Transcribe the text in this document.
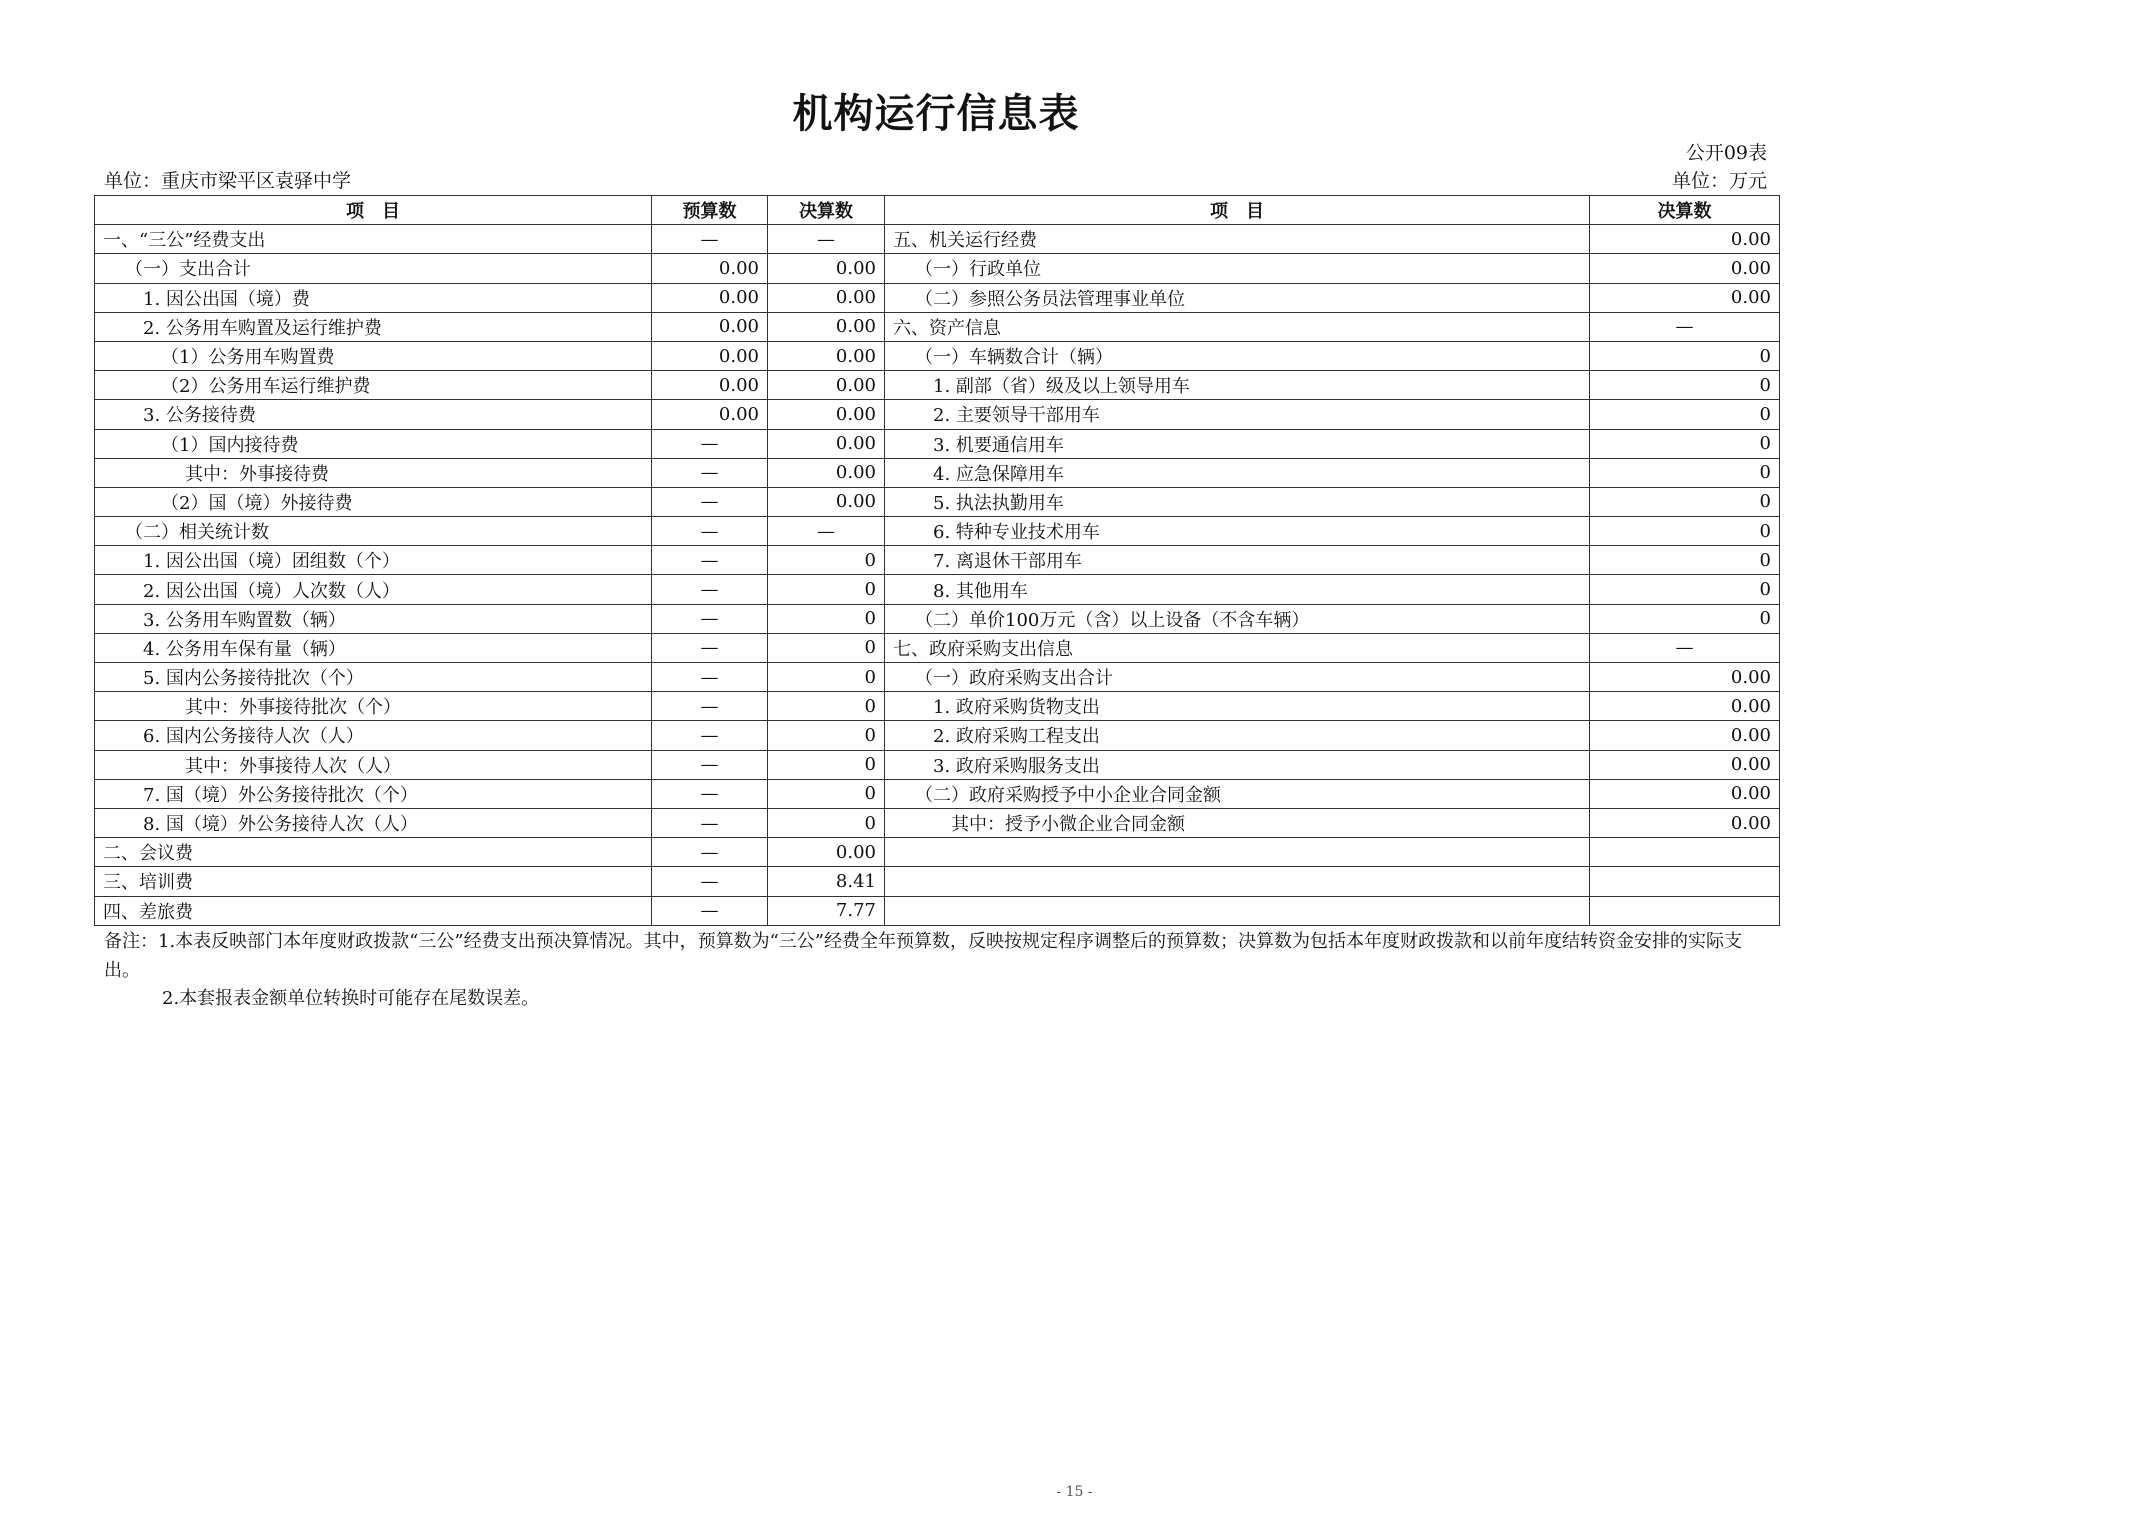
机构运行信息表
公开09表
单位：重庆市梁平区袁驿中学	单位：万元
项　目	预算数	决算数	项　目	决算数
一、“三公”经费支出	—	—	五、机关运行经费	0.00
（一）支出合计	0.00	0.00	（一）行政单位	0.00
1. 因公出国（境）费	0.00	0.00	（二）参照公务员法管理事业单位	0.00
2. 公务用车购置及运行维护费	0.00	0.00	六、资产信息	—
（1）公务用车购置费	0.00	0.00	（一）车辆数合计（辆）	0
（2）公务用车运行维护费	0.00	0.00	1. 副部（省）级及以上领导用车	0
3. 公务接待费	0.00	0.00	2. 主要领导干部用车	0
（1）国内接待费	—	0.00	3. 机要通信用车	0
其中：外事接待费	—	0.00	4. 应急保障用车	0
（2）国（境）外接待费	—	0.00	5. 执法执勤用车	0
（二）相关统计数	—	—	6. 特种专业技术用车	0
1. 因公出国（境）团组数（个）	—	0	7. 离退休干部用车	0
2. 因公出国（境）人次数（人）	—	0	8. 其他用车	0
3. 公务用车购置数（辆）	—	0	（二）单价100万元（含）以上设备（不含车辆）	0
4. 公务用车保有量（辆）	—	0	七、政府采购支出信息	—
5. 国内公务接待批次（个）	—	0	（一）政府采购支出合计	0.00
其中：外事接待批次（个）	—	0	1. 政府采购货物支出	0.00
6. 国内公务接待人次（人）	—	0	2. 政府采购工程支出	0.00
其中：外事接待人次（人）	—	0	3. 政府采购服务支出	0.00
7. 国（境）外公务接待批次（个）	—	0	（二）政府采购授予中小企业合同金额	0.00
8. 国（境）外公务接待人次（人）	—	0	其中：授予小微企业合同金额	0.00
二、会议费	—	0.00		
三、培训费	—	8.41		
四、差旅费	—	7.77		
备注：1.本表反映部门本年度财政拨款“三公”经费支出预决算情况。其中，预算数为“三公”经费全年预算数，反映按规定程序调整后的预算数；决算数为包括本年度财政拨款和以前年度结转资金安排的实际支出。
2.本套报表金额单位转换时可能存在尾数误差。
- 15 -
